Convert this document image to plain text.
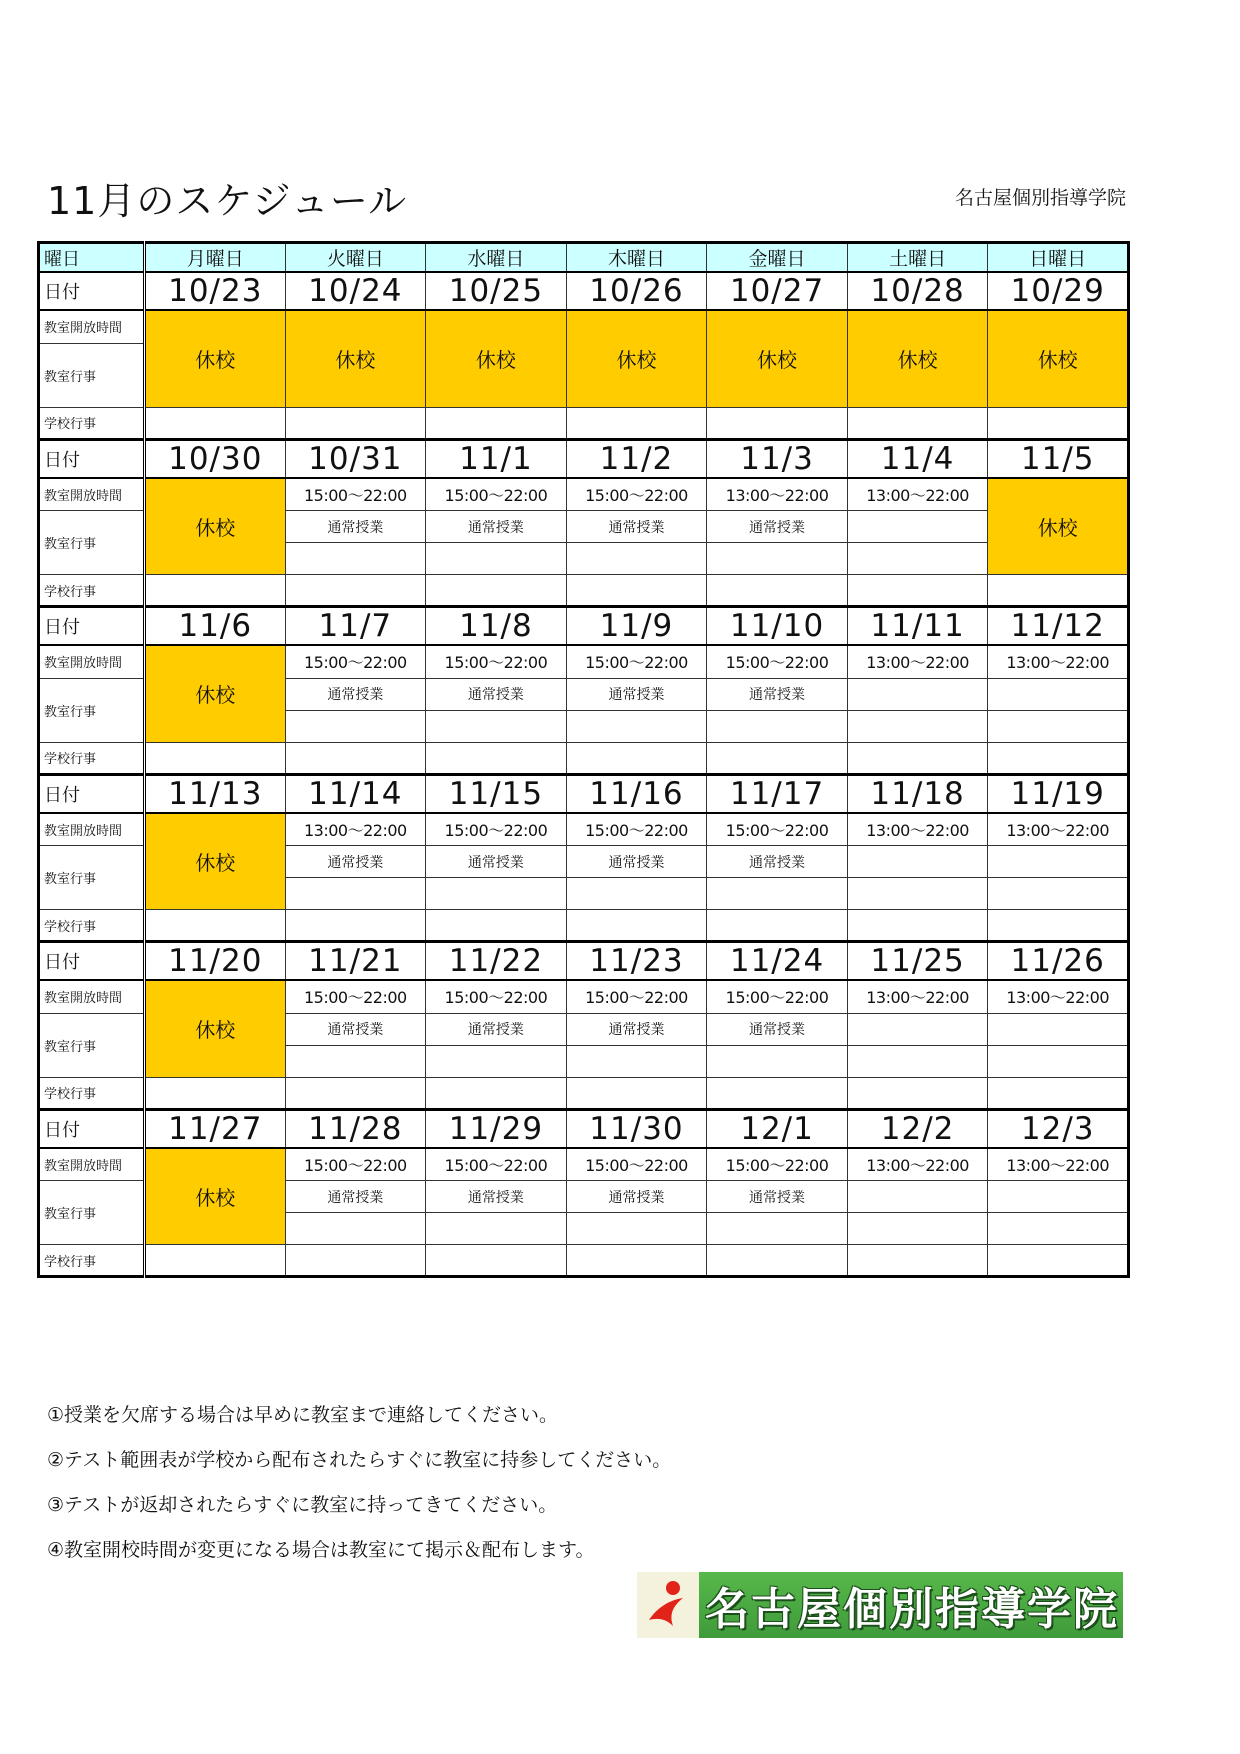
11月のスケジュール	名古屋個別指導学院
曜日	月曜日	火曜日	水曜日	木曜日	金曜日	土曜日	日曜日
日付	10/23	10/24	10/25	10/26	10/27	10/28	10/29
教室開放時間	休校	休校	休校	休校	休校	休校	休校
教室行事							

学校行事							
日付	10/30	10/31	11/1	11/2	11/3	11/4	11/5
教室開放時間	休校	15:00〜22:00	15:00〜22:00	15:00〜22:00	13:00〜22:00	13:00〜22:00	休校
教室行事		通常授業	通常授業	通常授業	通常授業		

学校行事							
日付	11/6	11/7	11/8	11/9	11/10	11/11	11/12
教室開放時間	休校	15:00〜22:00	15:00〜22:00	15:00〜22:00	15:00〜22:00	13:00〜22:00	13:00〜22:00
教室行事		通常授業	通常授業	通常授業	通常授業		

学校行事							
日付	11/13	11/14	11/15	11/16	11/17	11/18	11/19
教室開放時間	休校	13:00〜22:00	15:00〜22:00	15:00〜22:00	15:00〜22:00	13:00〜22:00	13:00〜22:00
教室行事		通常授業	通常授業	通常授業	通常授業		

学校行事							
日付	11/20	11/21	11/22	11/23	11/24	11/25	11/26
教室開放時間	休校	15:00〜22:00	15:00〜22:00	15:00〜22:00	15:00〜22:00	13:00〜22:00	13:00〜22:00
教室行事		通常授業	通常授業	通常授業	通常授業		

学校行事							
日付	11/27	11/28	11/29	11/30	12/1	12/2	12/3
教室開放時間	休校	15:00〜22:00	15:00〜22:00	15:00〜22:00	15:00〜22:00	13:00〜22:00	13:00〜22:00
教室行事		通常授業	通常授業	通常授業	通常授業		

学校行事							
①授業を欠席する場合は早めに教室まで連絡してください。
②テスト範囲表が学校から配布されたらすぐに教室に持参してください。
③テストが返却されたらすぐに教室に持ってきてください。
④教室開校時間が変更になる場合は教室にて掲示＆配布します。
名古屋個別指導学院
